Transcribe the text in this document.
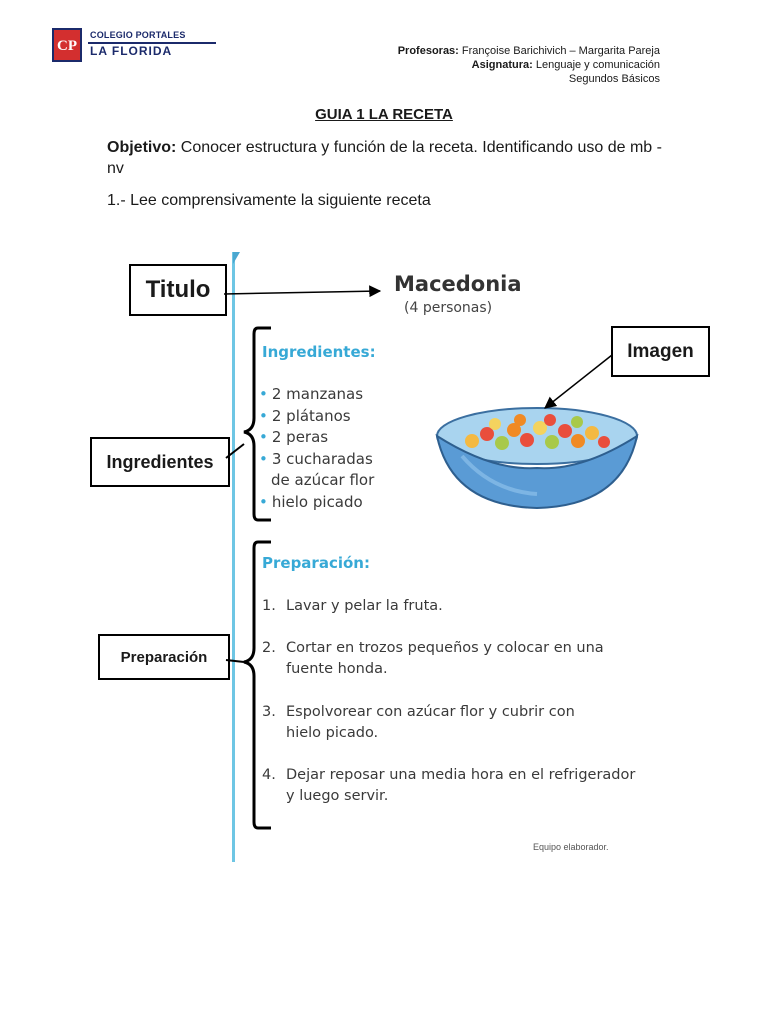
CP
COLEGIO PORTALES
LA FLORIDA	Profesoras: Françoise Barichivich – Margarita Pareja
Asignatura: Lenguaje y comunicación
Segundos Básicos
GUIA 1 LA RECETA
Objetivo: Conocer estructura y función de la receta. Identificando uso de mb - nv
1.- Lee comprensivamente la siguiente receta
Macedonia
(4 personas)
Ingredientes:
• 2 manzanas
• 2 plátanos
• 2 peras
• 3 cucharadas
de azúcar flor
• hielo picado
Preparación:
1. Lavar y pelar la fruta.
2. Cortar en trozos pequeños y colocar en una
fuente honda.
3. Espolvorear con azúcar flor y cubrir con
hielo picado.
4. Dejar reposar una media hora en el refrigerador
y luego servir.
Equipo elaborador.
Titulo
Imagen
Ingredientes
Preparación
